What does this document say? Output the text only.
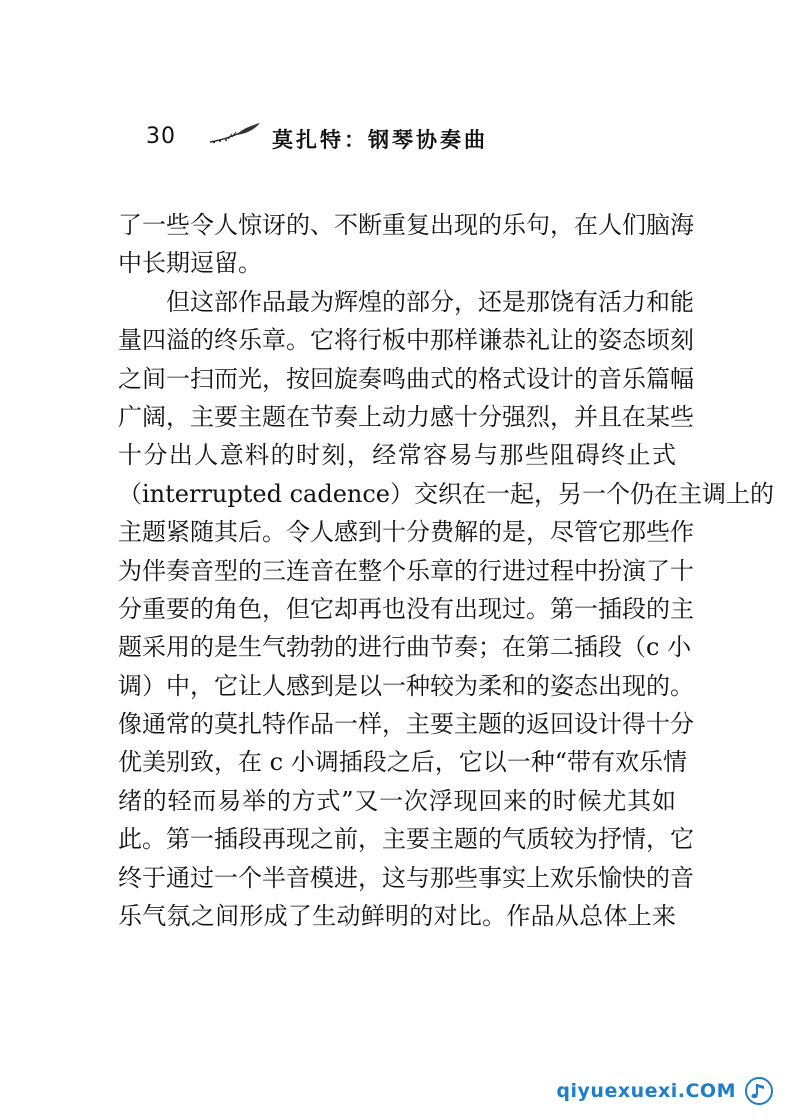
30	莫扎特：钢琴协奏曲
了一些令人惊讶的、不断重复出现的乐句，在人们脑海
中长期逗留。
但这部作品最为辉煌的部分，还是那饶有活力和能
量四溢的终乐章。它将行板中那样谦恭礼让的姿态顷刻
之间一扫而光，按回旋奏鸣曲式的格式设计的音乐篇幅
广阔，主要主题在节奏上动力感十分强烈，并且在某些
十分出人意料的时刻，经常容易与那些阻碍终止式
（interrupted cadence）交织在一起，另一个仍在主调上的
主题紧随其后。令人感到十分费解的是，尽管它那些作
为伴奏音型的三连音在整个乐章的行进过程中扮演了十
分重要的角色，但它却再也没有出现过。第一插段的主
题采用的是生气勃勃的进行曲节奏；在第二插段（c 小
调）中，它让人感到是以一种较为柔和的姿态出现的。
像通常的莫扎特作品一样，主要主题的返回设计得十分
优美别致，在 c 小调插段之后，它以一种“带有欢乐情
绪的轻而易举的方式”又一次浮现回来的时候尤其如
此。第一插段再现之前，主要主题的气质较为抒情，它
终于通过一个半音模进，这与那些事实上欢乐愉快的音
乐气氛之间形成了生动鲜明的对比。作品从总体上来
qiyuexuexi.COM
